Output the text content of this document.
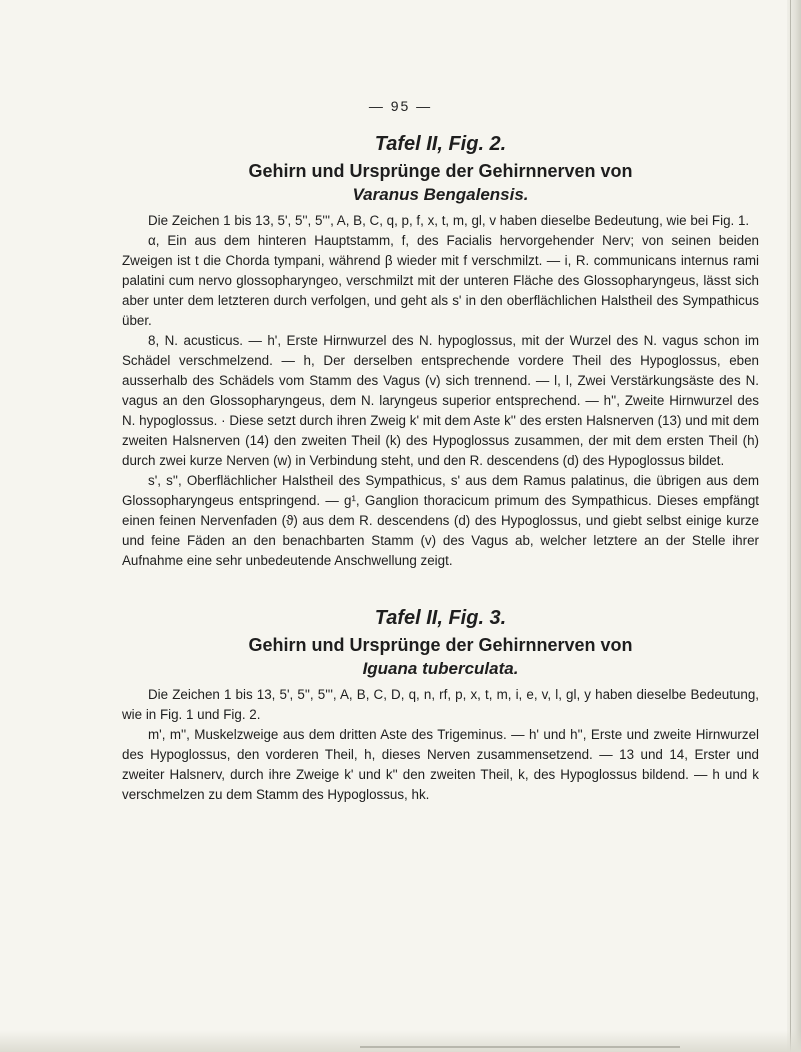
— 95 —
Tafel II, Fig. 2.
Gehirn und Ursprünge der Gehirnnerven von
Varanus Bengalensis.

Die Zeichen 1 bis 13, 5', 5'', 5''', A, B, C, q, p, f, x, t, m, gl, v haben dieselbe Bedeutung, wie bei Fig. 1.

α, Ein aus dem hinteren Hauptstamm, f, des Facialis hervorgehender Nerv; von seinen beiden Zweigen ist t die Chorda tympani, während β wieder mit f verschmilzt. — i, R. communicans internus rami palatini cum nervo glossopharyngeo, verschmilzt mit der unteren Fläche des Glossopharyngeus, lässt sich aber unter dem letzteren durch verfolgen, und geht als s' in den oberflächlichen Halstheil des Sympathicus über.

8, N. acusticus. — h', Erste Hirnwurzel des N. hypoglossus, mit der Wurzel des N. vagus schon im Schädel verschmelzend. — h, Der derselben entsprechende vordere Theil des Hypoglossus, eben ausserhalb des Schädels vom Stamm des Vagus (v) sich trennend. — l, l, Zwei Verstärkungsäste des N. vagus an den Glossopharyngeus, dem N. laryngeus superior entsprechend. — h'', Zweite Hirnwurzel des N. hypoglossus. · Diese setzt durch ihren Zweig k' mit dem Aste k'' des ersten Halsnerven (13) und mit dem zweiten Halsnerven (14) den zweiten Theil (k) des Hypoglossus zusammen, der mit dem ersten Theil (h) durch zwei kurze Nerven (w) in Verbindung steht, und den R. descendens (d) des Hypoglossus bildet.

s', s'', Oberflächlicher Halstheil des Sympathicus, s' aus dem Ramus palatinus, die übrigen aus dem Glossopharyngeus entspringend. — g¹, Ganglion thoracicum primum des Sympathicus. Dieses empfängt einen feinen Nervenfaden (ϑ) aus dem R. descendens (d) des Hypoglossus, und giebt selbst einige kurze und feine Fäden an den benachbarten Stamm (v) des Vagus ab, welcher letztere an der Stelle ihrer Aufnahme eine sehr unbedeutende Anschwellung zeigt.

Tafel II, Fig. 3.
Gehirn und Ursprünge der Gehirnnerven von
Iguana tuberculata.

Die Zeichen 1 bis 13, 5', 5'', 5''', A, B, C, D, q, n, rf, p, x, t, m, i, e, v, l, gl, y haben dieselbe Bedeutung, wie in Fig. 1 und Fig. 2.

m', m'', Muskelzweige aus dem dritten Aste des Trigeminus. — h' und h'', Erste und zweite Hirnwurzel des Hypoglossus, den vorderen Theil, h, dieses Nerven zusammensetzend. — 13 und 14, Erster und zweiter Halsnerv, durch ihre Zweige k' und k'' den zweiten Theil, k, des Hypoglossus bildend. — h und k verschmelzen zu dem Stamm des Hypoglossus, hk.
